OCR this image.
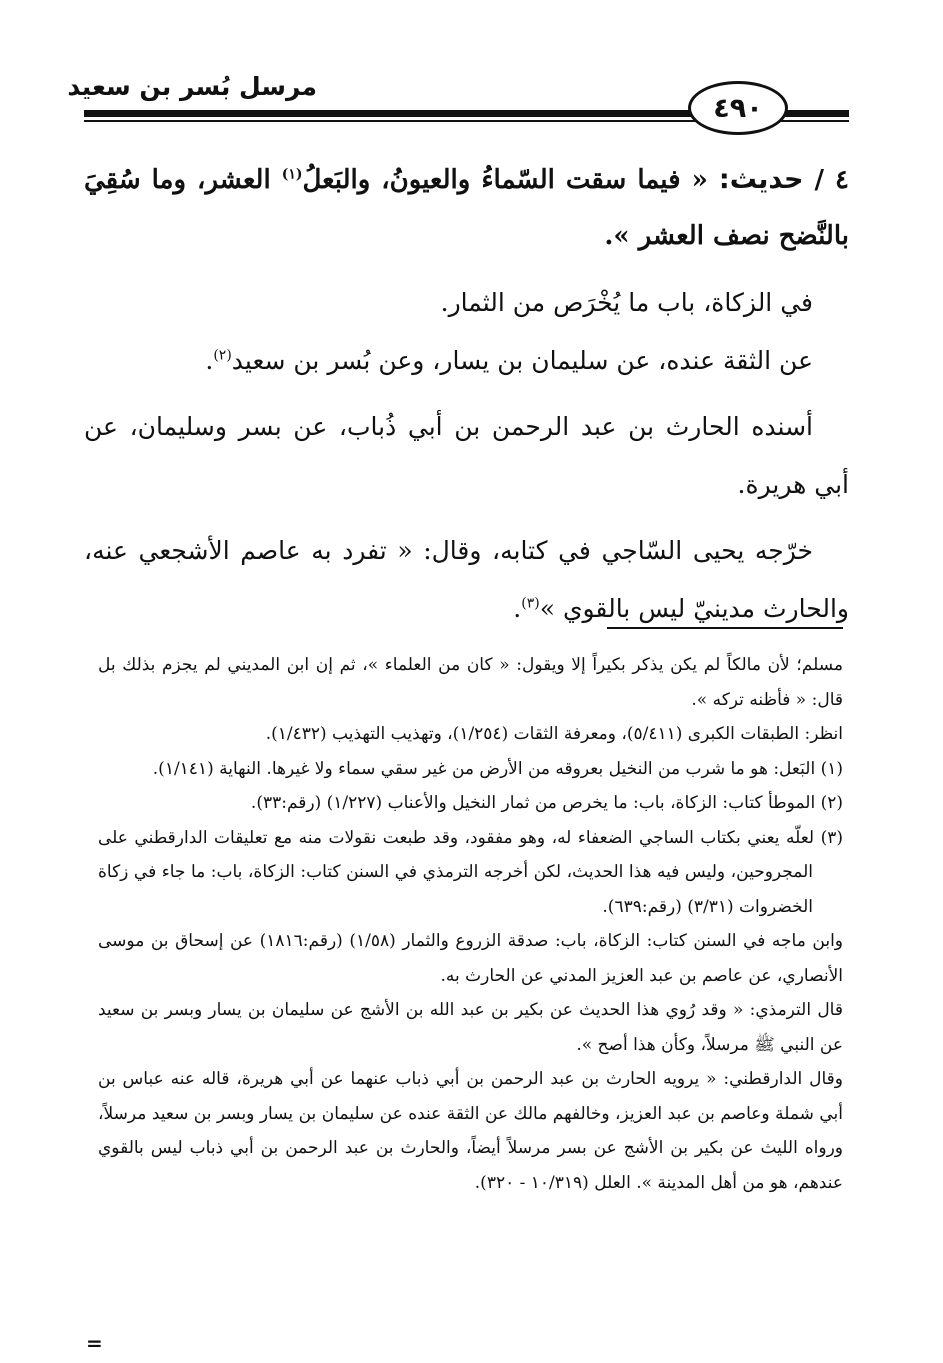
مرسل بُسر بن سعيد
٤٩٠

٤ / حديث: « فيما سقت السّماءُ والعيونُ، والبَعلُ$^{(١)}$ العشر، وما سُقِيَ بالنَّضح نصف العشر ».

في الزكاة، باب ما يُخْرَص من الثمار.

عن الثقة عنده، عن سليمان بن يسار، وعن بُسر بن سعيد$^{(٢)}$.

أسنده الحارث بن عبد الرحمن بن أبي ذُباب، عن بسر وسليمان، عن أبي هريرة.

خرّجه يحيى السّاجي في كتابه، وقال: « تفرد به عاصم الأشجعي عنه، والحارث مدينيّ ليس بالقوي »$^{(٣)}$.

مسلم؛ لأن مالكاً لم يكن يذكر بكيراً إلا ويقول: « كان من العلماء »، ثم إن ابن المديني لم يجزم بذلك بل قال: « فأظنه تركه ».

انظر: الطبقات الكبرى (٥/٤١١)، ومعرفة الثقات (١/٢٥٤)، وتهذيب التهذيب (١/٤٣٢).

(١) البَعل: هو ما شرب من النخيل بعروقه من الأرض من غير سقي سماء ولا غيرها. النهاية (١/١٤١).

(٢) الموطأ كتاب: الزكاة، باب: ما يخرص من ثمار النخيل والأعناب (١/٢٢٧) (رقم:٣٣).

(٣) لعلّه يعني بكتاب الساجي الضعفاء له، وهو مفقود، وقد طبعت نقولات منه مع تعليقات الدارقطني على المجروحين، وليس فيه هذا الحديث، لكن أخرجه الترمذي في السنن كتاب: الزكاة، باب: ما جاء في زكاة الخضروات (٣/٣١) (رقم:٦٣٩).

وابن ماجه في السنن كتاب: الزكاة، باب: صدقة الزروع والثمار (١/٥٨) (رقم:١٨١٦) عن إسحاق بن موسى الأنصاري، عن عاصم بن عبد العزيز المدني عن الحارث به.

قال الترمذي: « وقد رُوي هذا الحديث عن بكير بن عبد الله بن الأشج عن سليمان بن يسار وبسر بن سعيد عن النبي ﷺ مرسلاً، وكأن هذا أصح ».

وقال الدارقطني: « يرويه الحارث بن عبد الرحمن بن أبي ذباب عنهما عن أبي هريرة، قاله عنه عباس بن أبي شملة وعاصم بن عبد العزيز، وخالفهم مالك عن الثقة عنده عن سليمان بن يسار وبسر بن سعيد مرسلاً، ورواه الليث عن بكير بن الأشج عن بسر مرسلاً أيضاً، والحارث بن عبد الرحمن بن أبي ذباب ليس بالقوي عندهم، هو من أهل المدينة ». العلل (١٠/٣١٩ - ٣٢٠).

=
